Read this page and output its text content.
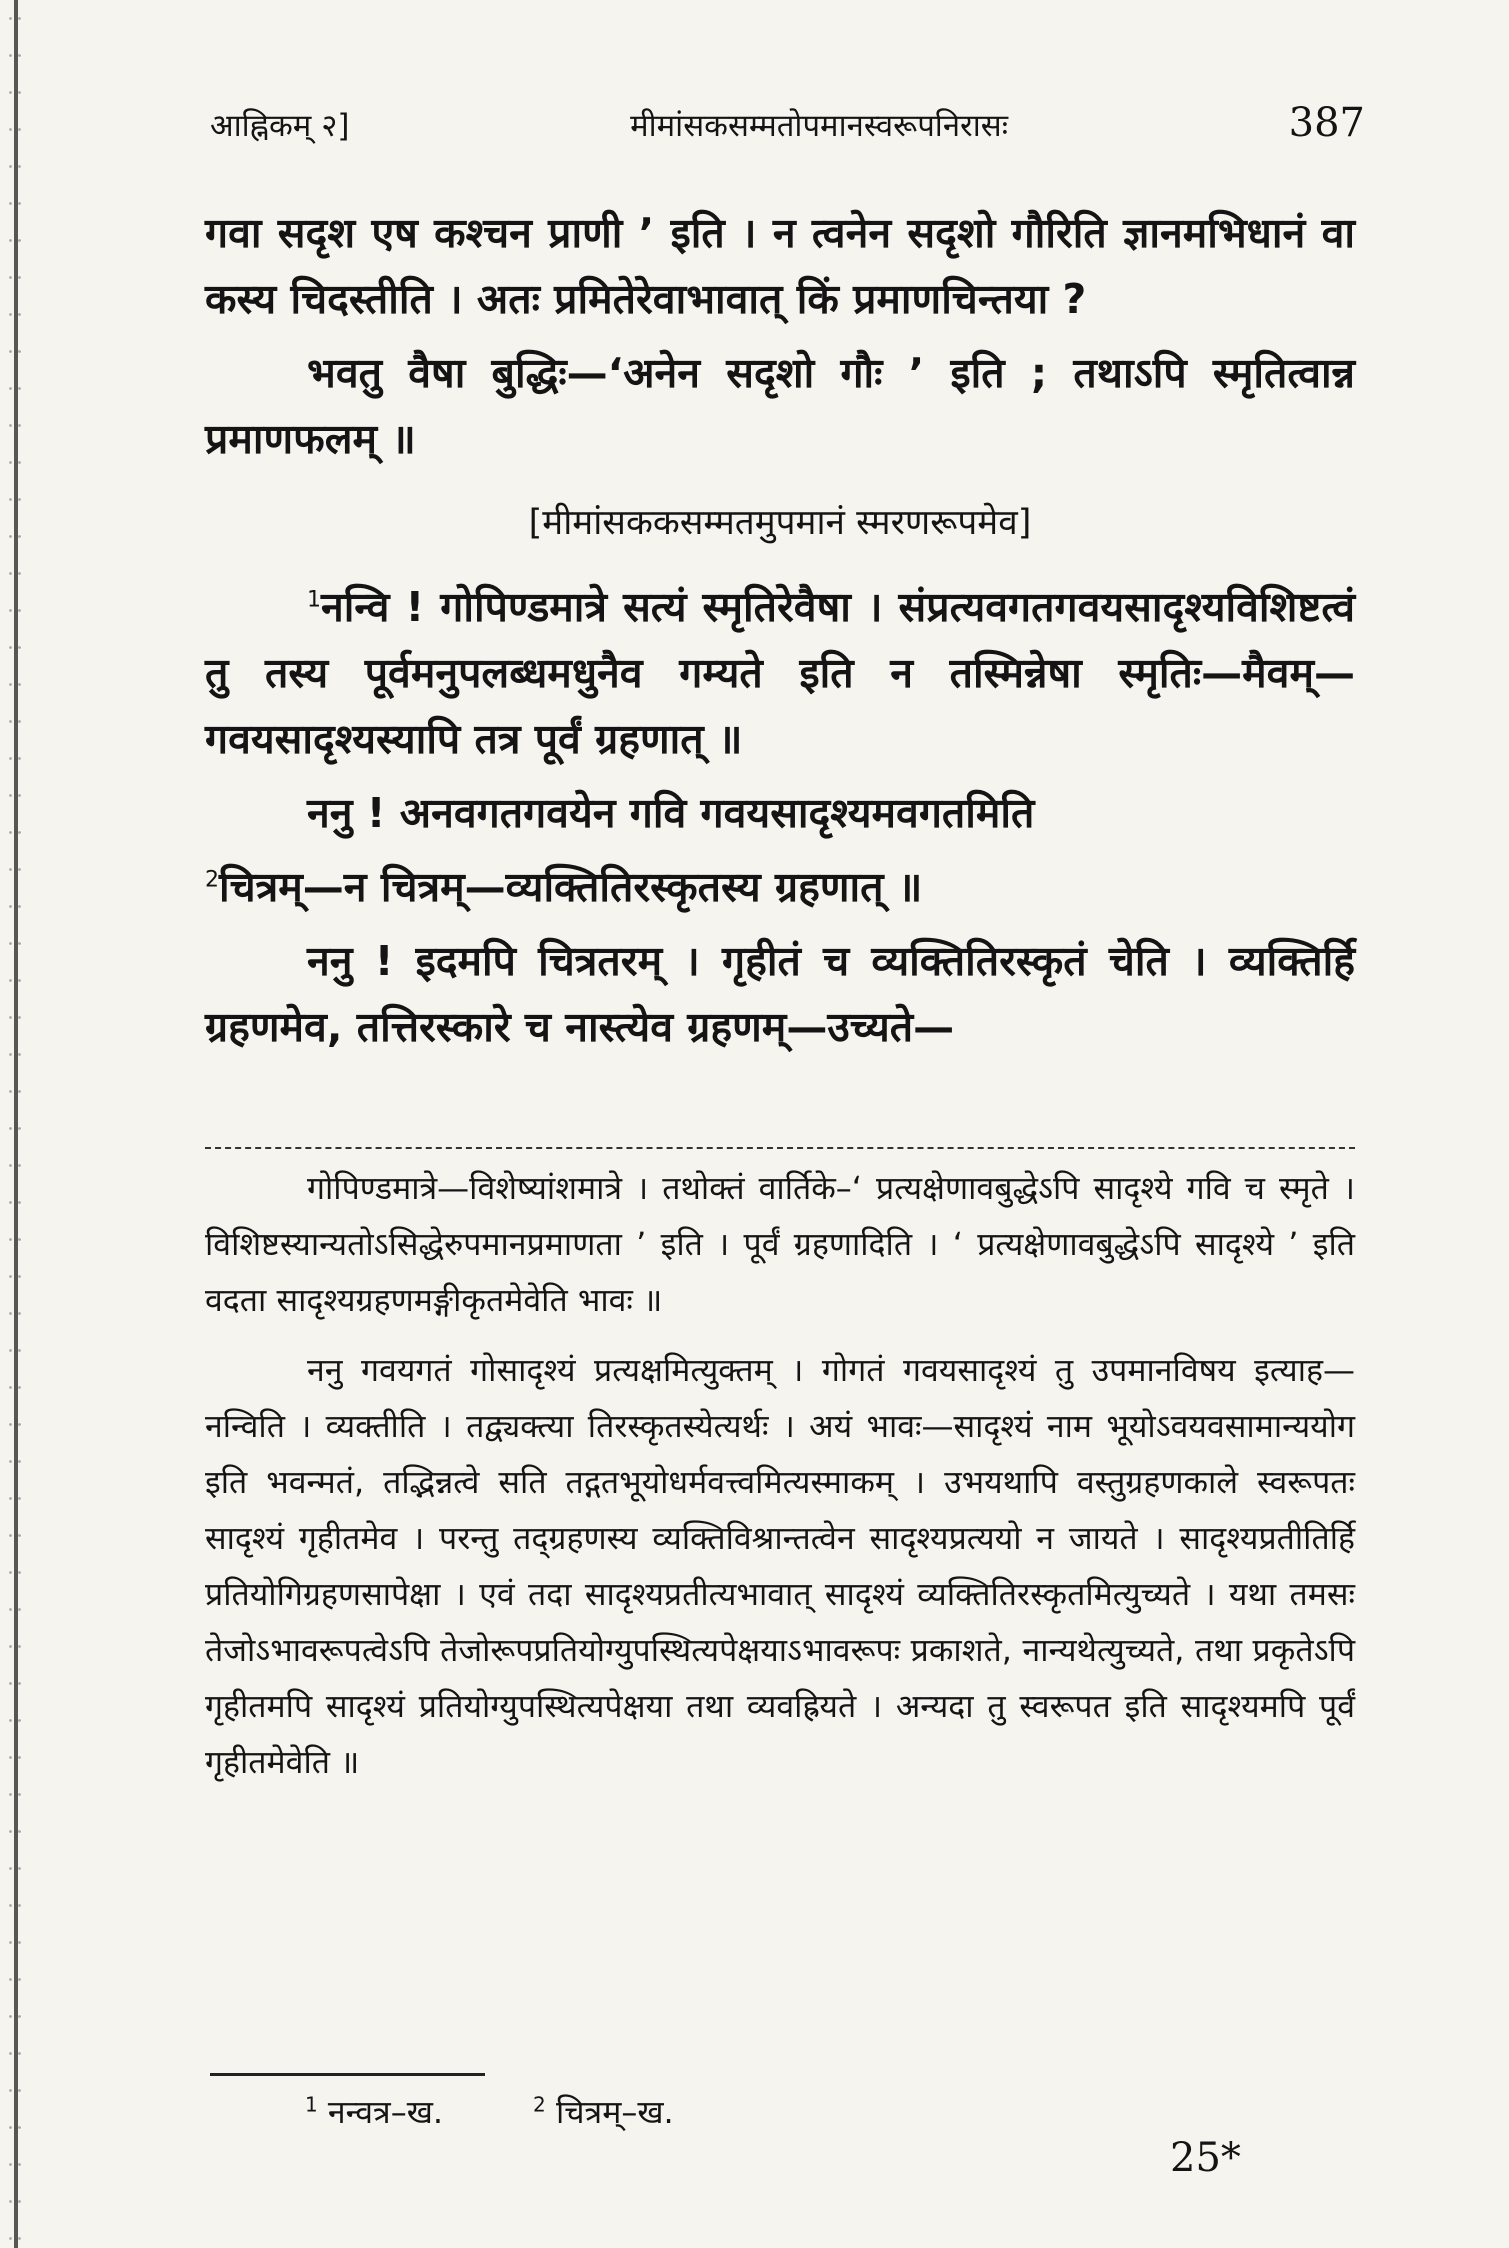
आह्निकम् २]	मीमांसकसम्मतोपमानस्वरूपनिरासः	387

गवा सदृश एष कश्चन प्राणी ’ इति । न त्वनेन सदृशो गौरिति ज्ञानमभिधानं वा कस्य चिदस्तीति । अतः प्रमितेरेवाभावात् किं प्रमाणचिन्तया ?

भवतु वैषा बुद्धिः—‘अनेन सदृशो गौः ’ इति ; तथाऽपि स्मृतित्वान्न प्रमाणफलम् ॥

[मीमांसककसम्मतमुपमानं स्मरणरूपमेव]

$^1$नन्वि ! गोपिण्डमात्रे सत्यं स्मृतिरेवैषा । संप्रत्यवगतगवयसादृश्यविशिष्टत्वं तु तस्य पूर्वमनुपलब्धमधुनैव गम्यते इति न तस्मिन्नेषा स्मृतिः—मैवम्—गवयसादृश्यस्यापि तत्र पूर्वं ग्रहणात् ॥

ननु ! अनवगतगवयेन गवि गवयसादृश्यमवगतमिति

$^2$चित्रम्—न चित्रम्—व्यक्तितिरस्कृतस्य ग्रहणात् ॥

ननु ! इदमपि चित्रतरम् । गृहीतं च व्यक्तितिरस्कृतं चेति । व्यक्तिर्हि ग्रहणमेव, तत्तिरस्कारे च नास्त्येव ग्रहणम्—उच्यते—

गोपिण्डमात्रे—विशेष्यांशमात्रे । तथोक्तं वार्तिके–‘ प्रत्यक्षेणावबुद्धेऽपि सादृश्ये गवि च स्मृते । विशिष्टस्यान्यतोऽसिद्धेरुपमानप्रमाणता ’ इति । पूर्वं ग्रहणादिति । ‘ प्रत्यक्षेणावबुद्धेऽपि सादृश्ये ’ इति वदता सादृश्यग्रहणमङ्गीकृतमेवेति भावः ॥

ननु गवयगतं गोसादृश्यं प्रत्यक्षमित्युक्तम् । गोगतं गवयसादृश्यं तु उपमानविषय इत्याह—नन्विति । व्यक्तीति । तद्व्यक्त्या तिरस्कृतस्येत्यर्थः । अयं भावः—सादृश्यं नाम भूयोऽवयवसामान्ययोग इति भवन्मतं, तद्भिन्नत्वे सति तद्गतभूयोधर्मवत्त्वमित्यस्माकम् । उभयथापि वस्तुग्रहणकाले स्वरूपतः सादृश्यं गृहीतमेव । परन्तु तद्ग्रहणस्य व्यक्तिविश्रान्तत्वेन सादृश्यप्रत्ययो न जायते । सादृश्यप्रतीतिर्हि प्रतियोगिग्रहणसापेक्षा । एवं तदा सादृश्यप्रतीत्यभावात् सादृश्यं व्यक्तितिरस्कृतमित्युच्यते । यथा तमसः तेजोऽभावरूपत्वेऽपि तेजोरूपप्रतियोग्युपस्थित्यपेक्षयाऽभावरूपः प्रकाशते, नान्यथेत्युच्यते, तथा प्रकृतेऽपि गृहीतमपि सादृश्यं प्रतियोग्युपस्थित्यपेक्षया तथा व्यवह्रियते । अन्यदा तु स्वरूपत इति सादृश्यमपि पूर्वं गृहीतमेवेति ॥

$^1$ नन्वत्र–ख.	$^2$ चित्रम्–ख.
25*
